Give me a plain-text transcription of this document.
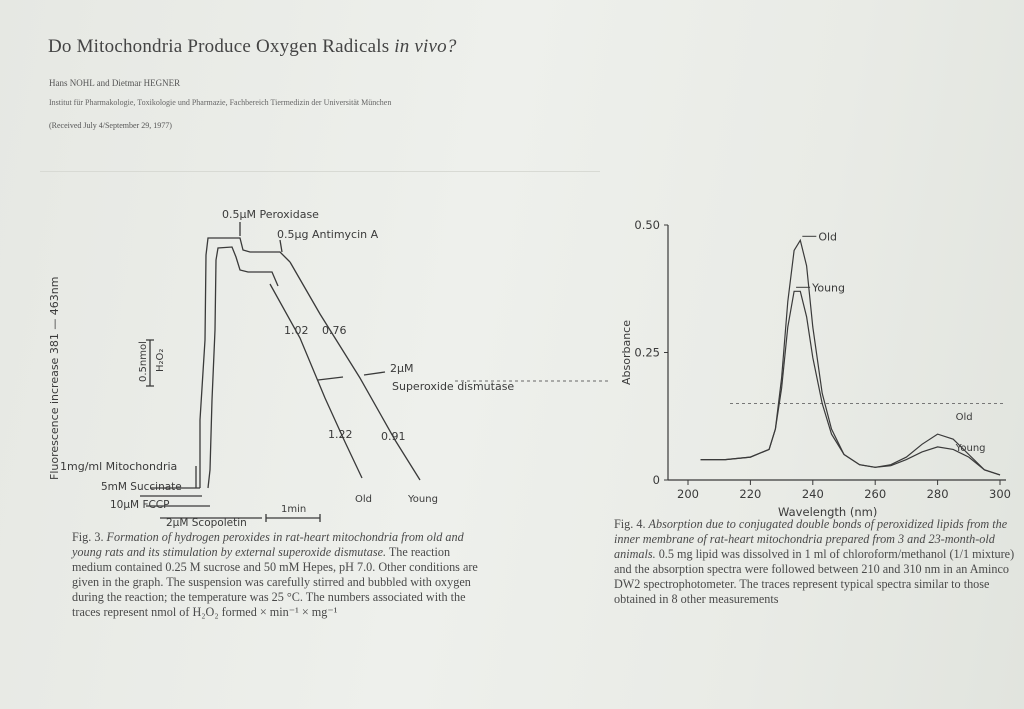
Do Mitochondria Produce Oxygen Radicals in vivo?
Hans NOHL and Dietmar HEGNER
Institut für Pharmakologie, Toxikologie und Pharmazie, Fachbereich Tiermedizin der Universität München
(Received July 4/September 29, 1977)
Fluorescence increase 381 — 463nm	0.5nmol H₂O₂
0.5µM Peroxidase
0.5µg Antimycin A
1.02 0.76
1.22	0.91
2µM
Superoxide dismutase
Old	Young
1mg/ml Mitochondria
5mM Succinate
10µM FCCP
2µM Scopoletin
1min
200	220	240	260	280	300
0
0.25
0.50
Old
Old
Young
Young
Absorbance
Wavelength (nm)

Fig. 3. Formation of hydrogen peroxides in rat-heart mitochondria from old and young rats and its stimulation by external superoxide dismutase. The reaction medium contained 0.25 M sucrose and 50 mM Hepes, pH 7.0. Other conditions are given in the graph. The suspension was carefully stirred and bubbled with oxygen during the reaction; the temperature was 25 °C. The numbers associated with the traces represent nmol of H₂O₂ formed × min⁻¹ × mg⁻¹

Fig. 4. Absorption due to conjugated double bonds of peroxidized lipids from the inner membrane of rat-heart mitochondria prepared from 3 and 23-month-old animals. 0.5 mg lipid was dissolved in 1 ml of chloroform/methanol (1/1 mixture) and the absorption spectra were followed between 210 and 310 nm in an Aminco DW2 spectrophotometer. The traces represent typical spectra similar to those obtained in 8 other measurements
